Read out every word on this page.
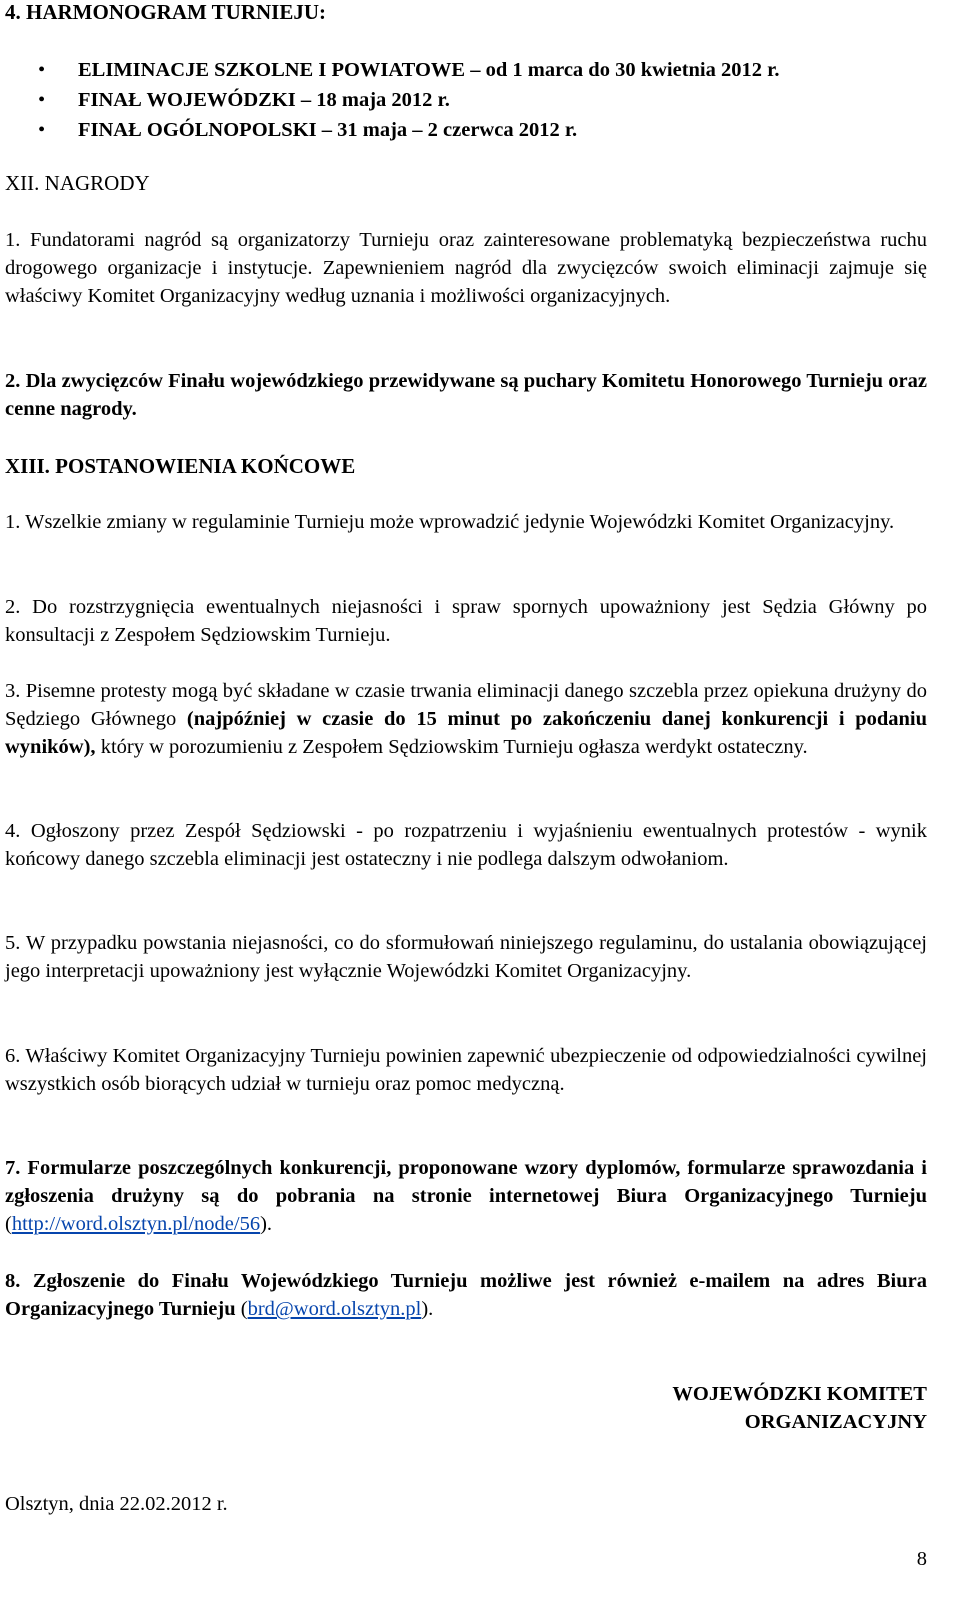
4. HARMONOGRAM TURNIEJU:
• ELIMINACJE SZKOLNE I POWIATOWE – od 1 marca do 30 kwietnia 2012 r.
• FINAŁ WOJEWÓDZKI – 18 maja 2012 r.
• FINAŁ OGÓLNOPOLSKI – 31 maja – 2 czerwca 2012 r.
XII. NAGRODY

1. Fundatorami nagród są organizatorzy Turnieju oraz zainteresowane problematyką bezpieczeństwa ruchu drogowego organizacje i instytucje. Zapewnieniem nagród dla zwycięzców swoich eliminacji zajmuje się właściwy Komitet Organizacyjny według uznania i możliwości organizacyjnych.

2. Dla zwycięzców Finału wojewódzkiego przewidywane są puchary Komitetu Honorowego Turnieju oraz cenne nagrody.

XIII. POSTANOWIENIA KOŃCOWE

1. Wszelkie zmiany w regulaminie Turnieju może wprowadzić jedynie Wojewódzki Komitet Organizacyjny.

2. Do rozstrzygnięcia ewentualnych niejasności i spraw spornych upoważniony jest Sędzia Główny po konsultacji z Zespołem Sędziowskim Turnieju.

3. Pisemne protesty mogą być składane w czasie trwania eliminacji danego szczebla przez opiekuna drużyny do Sędziego Głównego (najpóźniej w czasie do 15 minut po zakończeniu danej konkurencji i podaniu wyników), który w porozumieniu z Zespołem Sędziowskim Turnieju ogłasza werdykt ostateczny.

4. Ogłoszony przez Zespół Sędziowski - po rozpatrzeniu i wyjaśnieniu ewentualnych protestów - wynik końcowy danego szczebla eliminacji jest ostateczny i nie podlega dalszym odwołaniom.

5. W przypadku powstania niejasności, co do sformułowań niniejszego regulaminu, do ustalania obowiązującej jego interpretacji upoważniony jest wyłącznie Wojewódzki Komitet Organizacyjny.

6. Właściwy Komitet Organizacyjny Turnieju powinien zapewnić ubezpieczenie od odpowiedzialności cywilnej wszystkich osób biorących udział w turnieju oraz pomoc medyczną.

7. Formularze poszczególnych konkurencji, proponowane wzory dyplomów, formularze sprawozdania i zgłoszenia drużyny są do pobrania na stronie internetowej Biura Organizacyjnego Turnieju (http://word.olsztyn.pl/node/56).

8. Zgłoszenie do Finału Wojewódzkiego Turnieju możliwe jest również e-mailem na adres Biura Organizacyjnego Turnieju (brd@word.olsztyn.pl).

WOJEWÓDZKI KOMITET
ORGANIZACYJNY
Olsztyn, dnia 22.02.2012 r.
8
